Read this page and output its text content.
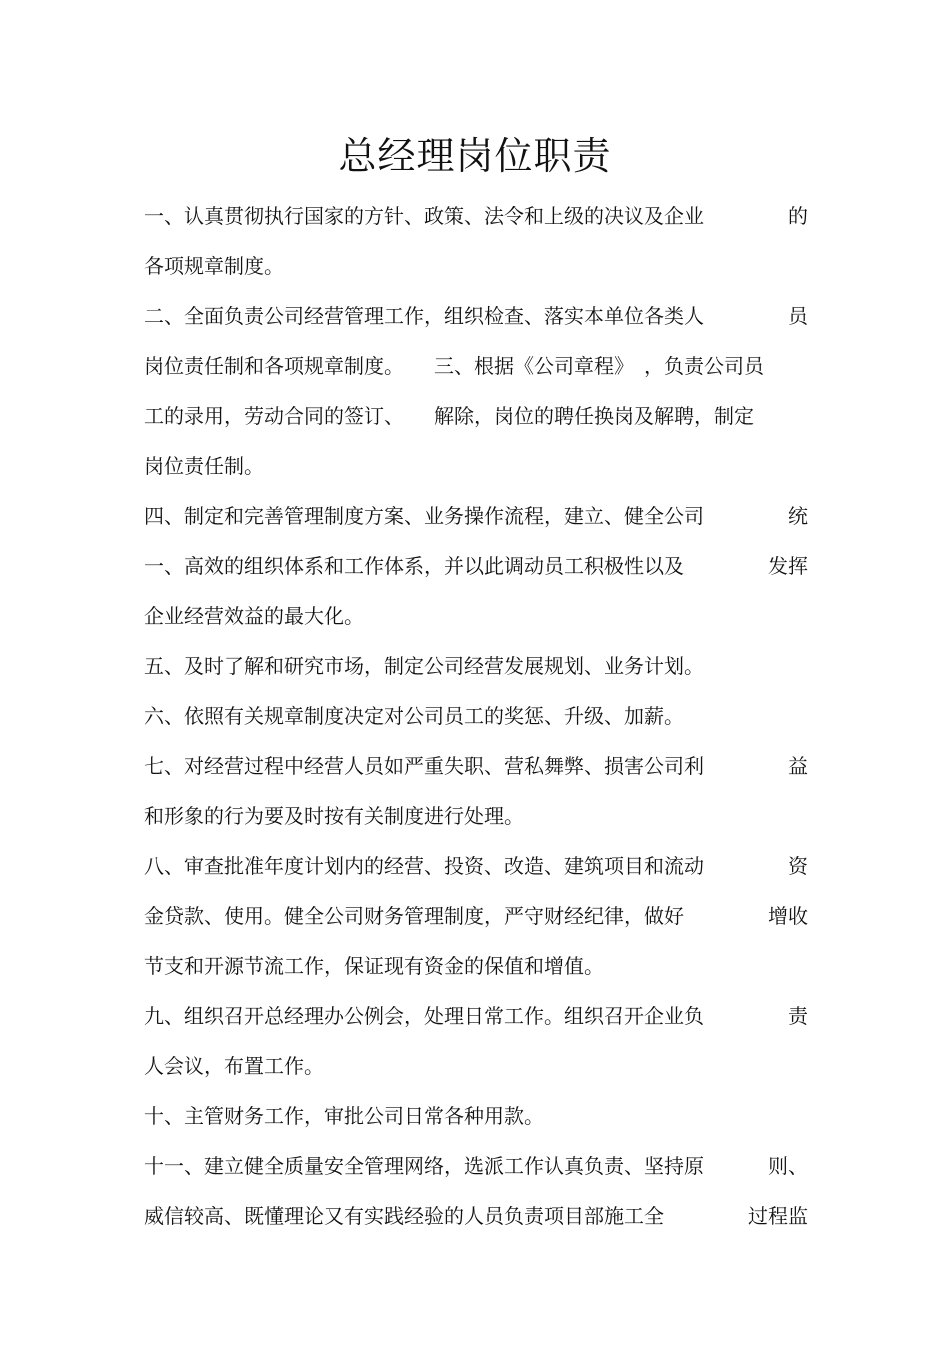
总经理岗位职责
一、认真贯彻执行国家的方针、政策、法令和上级的决议及企业	的
各项规章制度。
二、全面负责公司经营管理工作，组织检查、落实本单位各类人	员
岗位责任制和各项规章制度。　　三、根据《公司章程》　，负责公司员
工的录用，劳动合同的签订、　　解除，岗位的聘任换岗及解聘，制定
岗位责任制。
四、制定和完善管理制度方案、业务操作流程，建立、健全公司	统
一、高效的组织体系和工作体系，并以此调动员工积极性以及	发挥
企业经营效益的最大化。
五、及时了解和研究市场，制定公司经营发展规划、业务计划。
六、依照有关规章制度决定对公司员工的奖惩、升级、加薪。
七、对经营过程中经营人员如严重失职、营私舞弊、损害公司利	益
和形象的行为要及时按有关制度进行处理。
八、审查批准年度计划内的经营、投资、改造、建筑项目和流动	资
金贷款、使用。健全公司财务管理制度，严守财经纪律，做好	增收
节支和开源节流工作，保证现有资金的保值和增值。
九、组织召开总经理办公例会，处理日常工作。组织召开企业负	责
人会议，布置工作。
十、主管财务工作，审批公司日常各种用款。
十一、建立健全质量安全管理网络，选派工作认真负责、坚持原	则、
威信较高、既懂理论又有实践经验的人员负责项目部施工全	过程监
